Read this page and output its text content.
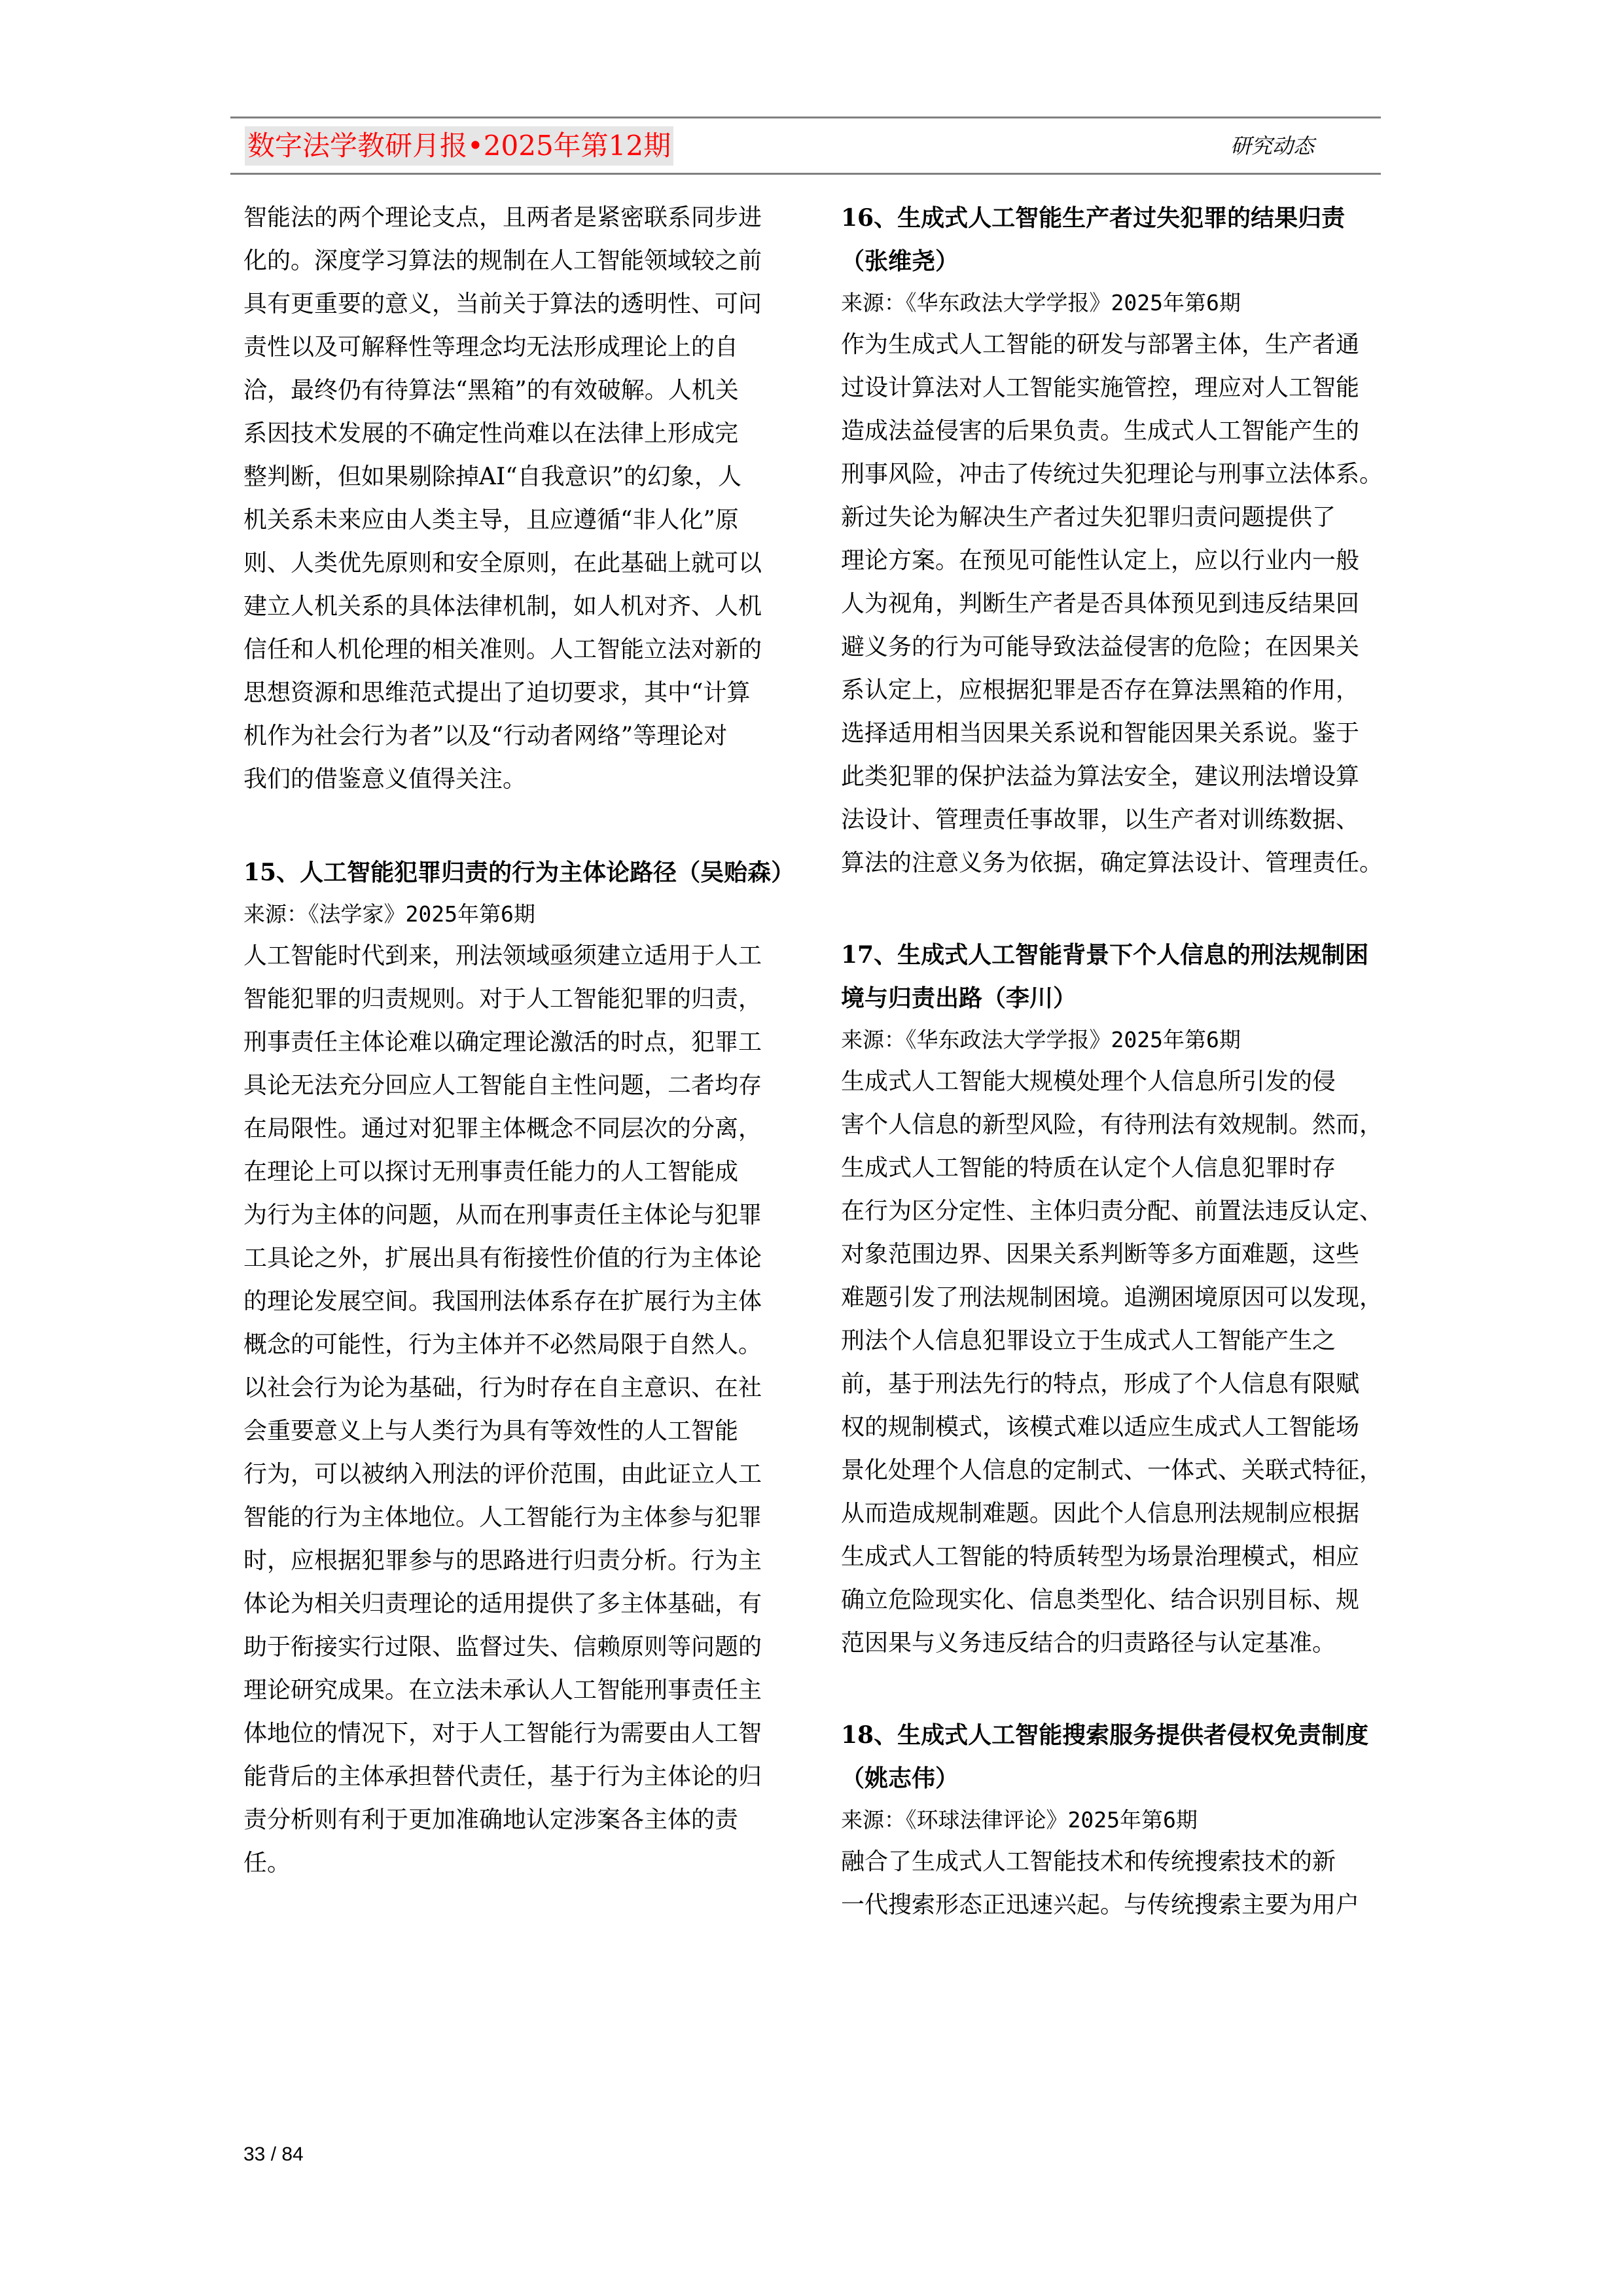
数字法学教研月报•2025年第12期	研究动态
智能法的两个理论支点，且两者是紧密联系同步进
化的。深度学习算法的规制在人工智能领域较之前
具有更重要的意义，当前关于算法的透明性、可问
责性以及可解释性等理念均无法形成理论上的自
洽，最终仍有待算法“黑箱”的有效破解。人机关
系因技术发展的不确定性尚难以在法律上形成完
整判断，但如果剔除掉AI“自我意识”的幻象，人
机关系未来应由人类主导，且应遵循“非人化”原
则、人类优先原则和安全原则，在此基础上就可以
建立人机关系的具体法律机制，如人机对齐、人机
信任和人机伦理的相关准则。人工智能立法对新的
思想资源和思维范式提出了迫切要求，其中“计算
机作为社会行为者”以及“行动者网络”等理论对
我们的借鉴意义值得关注。
15、人工智能犯罪归责的行为主体论路径（吴贻森）
来源：《法学家》2025年第6期
人工智能时代到来，刑法领域亟须建立适用于人工
智能犯罪的归责规则。对于人工智能犯罪的归责，
刑事责任主体论难以确定理论激活的时点，犯罪工
具论无法充分回应人工智能自主性问题，二者均存
在局限性。通过对犯罪主体概念不同层次的分离，
在理论上可以探讨无刑事责任能力的人工智能成
为行为主体的问题，从而在刑事责任主体论与犯罪
工具论之外，扩展出具有衔接性价值的行为主体论
的理论发展空间。我国刑法体系存在扩展行为主体
概念的可能性，行为主体并不必然局限于自然人。
以社会行为论为基础，行为时存在自主意识、在社
会重要意义上与人类行为具有等效性的人工智能
行为，可以被纳入刑法的评价范围，由此证立人工
智能的行为主体地位。人工智能行为主体参与犯罪
时，应根据犯罪参与的思路进行归责分析。行为主
体论为相关归责理论的适用提供了多主体基础，有
助于衔接实行过限、监督过失、信赖原则等问题的
理论研究成果。在立法未承认人工智能刑事责任主
体地位的情况下，对于人工智能行为需要由人工智
能背后的主体承担替代责任，基于行为主体论的归
责分析则有利于更加准确地认定涉案各主体的责
任。
16、生成式人工智能生产者过失犯罪的结果归责
（张维尧）
来源：《华东政法大学学报》2025年第6期
作为生成式人工智能的研发与部署主体，生产者通
过设计算法对人工智能实施管控，理应对人工智能
造成法益侵害的后果负责。生成式人工智能产生的
刑事风险，冲击了传统过失犯理论与刑事立法体系。
新过失论为解决生产者过失犯罪归责问题提供了
理论方案。在预见可能性认定上，应以行业内一般
人为视角，判断生产者是否具体预见到违反结果回
避义务的行为可能导致法益侵害的危险；在因果关
系认定上，应根据犯罪是否存在算法黑箱的作用，
选择适用相当因果关系说和智能因果关系说。鉴于
此类犯罪的保护法益为算法安全，建议刑法增设算
法设计、管理责任事故罪，以生产者对训练数据、
算法的注意义务为依据，确定算法设计、管理责任。
17、生成式人工智能背景下个人信息的刑法规制困
境与归责出路（李川）
来源：《华东政法大学学报》2025年第6期
生成式人工智能大规模处理个人信息所引发的侵
害个人信息的新型风险，有待刑法有效规制。然而，
生成式人工智能的特质在认定个人信息犯罪时存
在行为区分定性、主体归责分配、前置法违反认定、
对象范围边界、因果关系判断等多方面难题，这些
难题引发了刑法规制困境。追溯困境原因可以发现，
刑法个人信息犯罪设立于生成式人工智能产生之
前，基于刑法先行的特点，形成了个人信息有限赋
权的规制模式，该模式难以适应生成式人工智能场
景化处理个人信息的定制式、一体式、关联式特征，
从而造成规制难题。因此个人信息刑法规制应根据
生成式人工智能的特质转型为场景治理模式，相应
确立危险现实化、信息类型化、结合识别目标、规
范因果与义务违反结合的归责路径与认定基准。
18、生成式人工智能搜索服务提供者侵权免责制度
（姚志伟）
来源：《环球法律评论》2025年第6期
融合了生成式人工智能技术和传统搜索技术的新
一代搜索形态正迅速兴起。与传统搜索主要为用户
33 / 84
